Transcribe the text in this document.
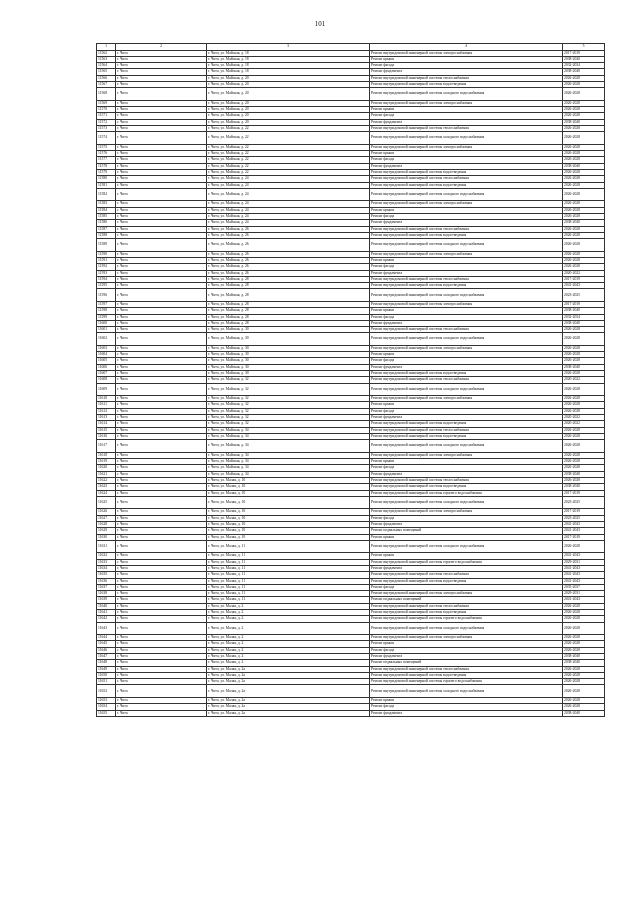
101
1	2	3	4	5
11562	г. Чита	г. Чита, ул. Майская, д. 18	Ремонт внутридомовой инженерной системы электроснабжения	2017-2019
11563	г. Чита	г. Чита, ул. Майская, д. 18	Ремонт крыши	2038-2040
11564	г. Чита	г. Чита, ул. Майская, д. 18	Ремонт фасада	2032-2034
11565	г. Чита	г. Чита, ул. Майская, д. 18	Ремонт фундамента	2038-2040
11566	г. Чита	г. Чита, ул. Майская, д. 20	Ремонт внутридомовой инженерной системы теплоснабжения	2026-2028
11567	г. Чита	г. Чита, ул. Майская, д. 20	Ремонт внутридомовой инженерной системы водоотведения	2026-2028
11568	г. Чита	г. Чита, ул. Майская, д. 20	Ремонт внутридомовой инженерной системы холодного водоснабжения	2026-2028
11569	г. Чита	г. Чита, ул. Майская, д. 20	Ремонт внутридомовой инженерной системы электроснабжения	2026-2028
11570	г. Чита	г. Чита, ул. Майская, д. 20	Ремонт крыши	2026-2028
11571	г. Чита	г. Чита, ул. Майская, д. 20	Ремонт фасада	2026-2028
11572	г. Чита	г. Чита, ул. Майская, д. 20	Ремонт фундамента	2038-2040
11573	г. Чита	г. Чита, ул. Майская, д. 22	Ремонт внутридомовой инженерной системы теплоснабжения	2026-2028
11574	г. Чита	г. Чита, ул. Майская, д. 22	Ремонт внутридомовой инженерной системы холодного водоснабжения	2026-2028
11575	г. Чита	г. Чита, ул. Майская, д. 22	Ремонт внутридомовой инженерной системы электроснабжения	2026-2028
11576	г. Чита	г. Чита, ул. Майская, д. 22	Ремонт крыши	2026-2028
11577	г. Чита	г. Чита, ул. Майская, д. 22	Ремонт фасада	2026-2028
11578	г. Чита	г. Чита, ул. Майская, д. 22	Ремонт фундамента	2038-2040
11579	г. Чита	г. Чита, ул. Майская, д. 22	Ремонт внутридомовой инженерной системы водоотведения	2026-2028
11580	г. Чита	г. Чита, ул. Майская, д. 24	Ремонт внутридомовой инженерной системы теплоснабжения	2026-2028
11581	г. Чита	г. Чита, ул. Майская, д. 24	Ремонт внутридомовой инженерной системы водоотведения	2026-2028
11582	г. Чита	г. Чита, ул. Майская, д. 24	Ремонт внутридомовой инженерной системы холодного водоснабжения	2026-2028
11583	г. Чита	г. Чита, ул. Майская, д. 24	Ремонт внутридомовой инженерной системы электроснабжения	2026-2028
11584	г. Чита	г. Чита, ул. Майская, д. 24	Ремонт крыши	2026-2028
11585	г. Чита	г. Чита, ул. Майская, д. 24	Ремонт фасада	2026-2028
11586	г. Чита	г. Чита, ул. Майская, д. 24	Ремонт фундамента	2038-2040
11587	г. Чита	г. Чита, ул. Майская, д. 26	Ремонт внутридомовой инженерной системы теплоснабжения	2026-2028
11588	г. Чита	г. Чита, ул. Майская, д. 26	Ремонт внутридомовой инженерной системы водоотведения	2026-2028
11589	г. Чита	г. Чита, ул. Майская, д. 26	Ремонт внутридомовой инженерной системы холодного водоснабжения	2026-2028
11590	г. Чита	г. Чита, ул. Майская, д. 26	Ремонт внутридомовой инженерной системы электроснабжения	2026-2028
11591	г. Чита	г. Чита, ул. Майская, д. 26	Ремонт крыши	2026-2028
11592	г. Чита	г. Чита, ул. Майская, д. 26	Ремонт фасада	2026-2028
11593	г. Чита	г. Чита, ул. Майская, д. 26	Ремонт фундамента	2020-2022
11594	г. Чита	г. Чита, ул. Майская, д. 28	Ремонт внутридомовой инженерной системы теплоснабжения	2017-2019
11595	г. Чита	г. Чита, ул. Майская, д. 28	Ремонт внутридомовой инженерной системы водоотведения	2041-2043
11596	г. Чита	г. Чита, ул. Майская, д. 28	Ремонт внутридомовой инженерной системы холодного водоснабжения	2023-2025
11597	г. Чита	г. Чита, ул. Майская, д. 28	Ремонт внутридомовой инженерной системы электроснабжения	2017-2019
11598	г. Чита	г. Чита, ул. Майская, д. 28	Ремонт крыши	2038-2040
11599	г. Чита	г. Чита, ул. Майская, д. 28	Ремонт фасада	2032-2034
11600	г. Чита	г. Чита, ул. Майская, д. 28	Ремонт фундамента	2038-2040
11601	г. Чита	г. Чита, ул. Майская, д. 30	Ремонт внутридомовой инженерной системы теплоснабжения	2026-2028
11602	г. Чита	г. Чита, ул. Майская, д. 30	Ремонт внутридомовой инженерной системы холодного водоснабжения	2026-2028
11603	г. Чита	г. Чита, ул. Майская, д. 30	Ремонт внутридомовой инженерной системы электроснабжения	2026-2028
11604	г. Чита	г. Чита, ул. Майская, д. 30	Ремонт крыши	2026-2028
11605	г. Чита	г. Чита, ул. Майская, д. 30	Ремонт фасада	2026-2028
11606	г. Чита	г. Чита, ул. Майская, д. 30	Ремонт фундамента	2038-2040
11607	г. Чита	г. Чита, ул. Майская, д. 30	Ремонт внутридомовой инженерной системы водоотведения	2026-2028
11608	г. Чита	г. Чита, ул. Майская, д. 32	Ремонт внутридомовой инженерной системы теплоснабжения	2020-2022
11609	г. Чита	г. Чита, ул. Майская, д. 32	Ремонт внутридомовой инженерной системы холодного водоснабжения	2026-2028
11610	г. Чита	г. Чита, ул. Майская, д. 32	Ремонт внутридомовой инженерной системы электроснабжения	2026-2028
11611	г. Чита	г. Чита, ул. Майская, д. 32	Ремонт крыши	2026-2028
11612	г. Чита	г. Чита, ул. Майская, д. 32	Ремонт фасада	2026-2028
11613	г. Чита	г. Чита, ул. Майская, д. 32	Ремонт фундамента	2020-2022
11614	г. Чита	г. Чита, ул. Майская, д. 32	Ремонт внутридомовой инженерной системы водоотведения	2020-2022
11615	г. Чита	г. Чита, ул. Майская, д. 34	Ремонт внутридомовой инженерной системы теплоснабжения	2026-2028
11616	г. Чита	г. Чита, ул. Майская, д. 34	Ремонт внутридомовой инженерной системы водоотведения	2026-2028
11617	г. Чита	г. Чита, ул. Майская, д. 34	Ремонт внутридомовой инженерной системы холодного водоснабжения	2026-2028
11618	г. Чита	г. Чита, ул. Майская, д. 34	Ремонт внутридомовой инженерной системы электроснабжения	2026-2028
11619	г. Чита	г. Чита, ул. Майская, д. 34	Ремонт крыши	2026-2028
11620	г. Чита	г. Чита, ул. Майская, д. 34	Ремонт фасада	2026-2028
11621	г. Чита	г. Чита, ул. Майская, д. 34	Ремонт фундамента	2038-2040
11622	г. Чита	г. Чита, ул. Малая, д. 10	Ремонт внутридомовой инженерной системы теплоснабжения	2026-2028
11623	г. Чита	г. Чита, ул. Малая, д. 10	Ремонт внутридомовой инженерной системы водоотведения	2038-2040
11624	г. Чита	г. Чита, ул. Малая, д. 10	Ремонт внутридомовой инженерной системы горячего водоснабжения	2017-2019
11625	г. Чита	г. Чита, ул. Малая, д. 10	Ремонт внутридомовой инженерной системы холодного водоснабжения	2023-2025
11626	г. Чита	г. Чита, ул. Малая, д. 10	Ремонт внутридомовой инженерной системы электроснабжения	2017-2019
11627	г. Чита	г. Чита, ул. Малая, д. 10	Ремонт фасада	2023-2025
11628	г. Чита	г. Чита, ул. Малая, д. 10	Ремонт фундамента	2041-2043
11629	г. Чита	г. Чита, ул. Малая, д. 10	Ремонт подвальных помещений	2041-2043
11630	г. Чита	г. Чита, ул. Малая, д. 10	Ремонт крыши	2017-2019
11631	г. Чита	г. Чита, ул. Малая, д. 11	Ремонт внутридомовой инженерной системы холодного водоснабжения	2026-2028
11632	г. Чита	г. Чита, ул. Малая, д. 11	Ремонт крыши	2041-2043
11633	г. Чита	г. Чита, ул. Малая, д. 11	Ремонт внутридомовой инженерной системы горячего водоснабжения	2029-2031
11634	г. Чита	г. Чита, ул. Малая, д. 11	Ремонт фундамента	2041-2043
11635	г. Чита	г. Чита, ул. Малая, д. 11	Ремонт внутридомовой инженерной системы теплоснабжения	2041-2043
11636	г. Чита	г. Чита, ул. Малая, д. 11	Ремонт внутридомовой инженерной системы водоотведения	2041-2043
11637	г. Чита	г. Чита, ул. Малая, д. 11	Ремонт фасада	2035-2037
11638	г. Чита	г. Чита, ул. Малая, д. 11	Ремонт внутридомовой инженерной системы электроснабжения	2029-2031
11639	г. Чита	г. Чита, ул. Малая, д. 11	Ремонт подвальных помещений	2041-2043
11640	г. Чита	г. Чита, ул. Малая, д. 2	Ремонт внутридомовой инженерной системы теплоснабжения	2026-2028
11641	г. Чита	г. Чита, ул. Малая, д. 2	Ремонт внутридомовой инженерной системы водоотведения	2026-2028
11642	г. Чита	г. Чита, ул. Малая, д. 2	Ремонт внутридомовой инженерной системы горячего водоснабжения	2026-2028
11643	г. Чита	г. Чита, ул. Малая, д. 2	Ремонт внутридомовой инженерной системы холодного водоснабжения	2026-2028
11644	г. Чита	г. Чита, ул. Малая, д. 2	Ремонт внутридомовой инженерной системы электроснабжения	2026-2028
11645	г. Чита	г. Чита, ул. Малая, д. 2	Ремонт крыши	2026-2028
11646	г. Чита	г. Чита, ул. Малая, д. 2	Ремонт фасада	2026-2028
11647	г. Чита	г. Чита, ул. Малая, д. 2	Ремонт фундамента	2038-2040
11648	г. Чита	г. Чита, ул. Малая, д. 2	Ремонт подвальных помещений	2038-2040
11649	г. Чита	г. Чита, ул. Малая, д. 2а	Ремонт внутридомовой инженерной системы теплоснабжения	2026-2028
11650	г. Чита	г. Чита, ул. Малая, д. 2а	Ремонт внутридомовой инженерной системы водоотведения	2026-2028
11651	г. Чита	г. Чита, ул. Малая, д. 2а	Ремонт внутридомовой инженерной системы горячего водоснабжения	2026-2028
11652	г. Чита	г. Чита, ул. Малая, д. 2а	Ремонт внутридомовой инженерной системы холодного водоснабжения	2026-2028
11653	г. Чита	г. Чита, ул. Малая, д. 2а	Ремонт крыши	2026-2028
11654	г. Чита	г. Чита, ул. Малая, д. 2а	Ремонт фасада	2026-2028
11655	г. Чита	г. Чита, ул. Малая, д. 2а	Ремонт фундамента	2038-2040
